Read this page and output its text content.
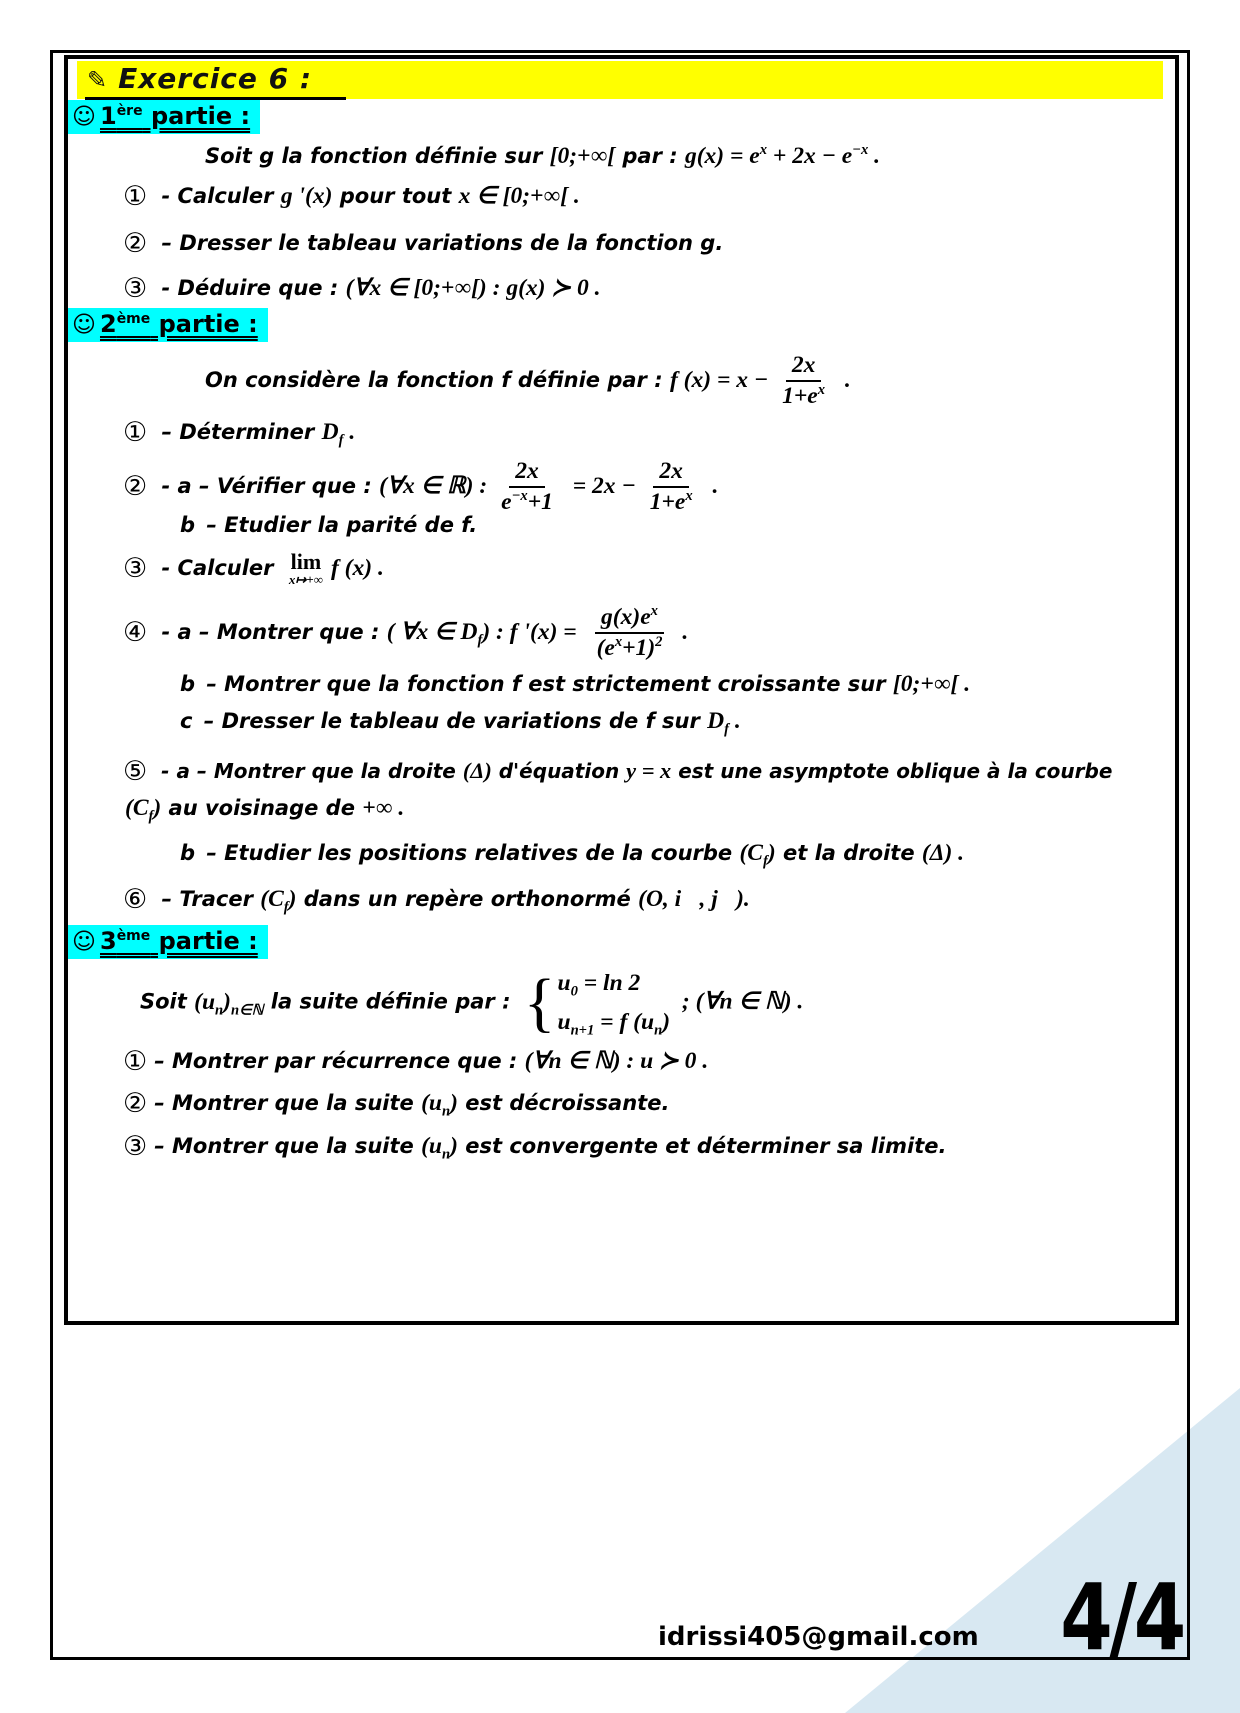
✎ Exercice 6 :
☺ 1ère partie :
Soit g la fonction définie sur [0;+∞[ par : $g(x) = e^x + 2x - e^{-x}$ .
① - Calculer g '(x) pour tout x ∈ [0;+∞[ .
② – Dresser le tableau variations de la fonction g.
③ - Déduire que : (∀x ∈ [0;+∞[) : g(x) ≻ 0 .
☺ 2ème partie :
On considère la fonction f définie par : f $(x) = x - \frac{2x}{1+e^x}$ .
① – Déterminer $D_f$ .
② - a – Vérifier que : (∀x ∈ ℝ) : $\frac{2x}{e^{-x}+1} = 2x - \frac{2x}{1+e^x}$ .
b – Etudier la parité de f.
③ - Calculer lim
x↦+∞ f (x) .
④ - a – Montrer que : ( ∀x ∈ $D_f$) : f '$(x) = \frac{g(x)e^x}{(e^x+1)^2}$ .
b – Montrer que la fonction f est strictement croissante sur [0;+∞[ .
c – Dresser le tableau de variations de f sur $D_f$ .
⑤ - a – Montrer que la droite (Δ) d'équation y = x est une asymptote oblique à la courbe
$(C_f)$ au voisinage de +∞ .
b – Etudier les positions relatives de la courbe $(C_f)$ et la droite (Δ) .
⑥ – Tracer $(C_f)$ dans un repère orthonormé (O, i⃗, j⃗).
☺ 3ème partie :
Soit $(u_n)_{n\in ℕ}$ la suite définie par : { $u_0 = \ln 2$
$u_{n+1} = f$ $(u_n)$
; (∀n ∈ ℕ) .
① – Montrer par récurrence que : (∀n ∈ ℕ) : u ≻ 0 .
② – Montrer que la suite $(u_n)$ est décroissante.
③ – Montrer que la suite $(u_n)$ est convergente et déterminer sa limite.
idrissi405@gmail.com 4/4
